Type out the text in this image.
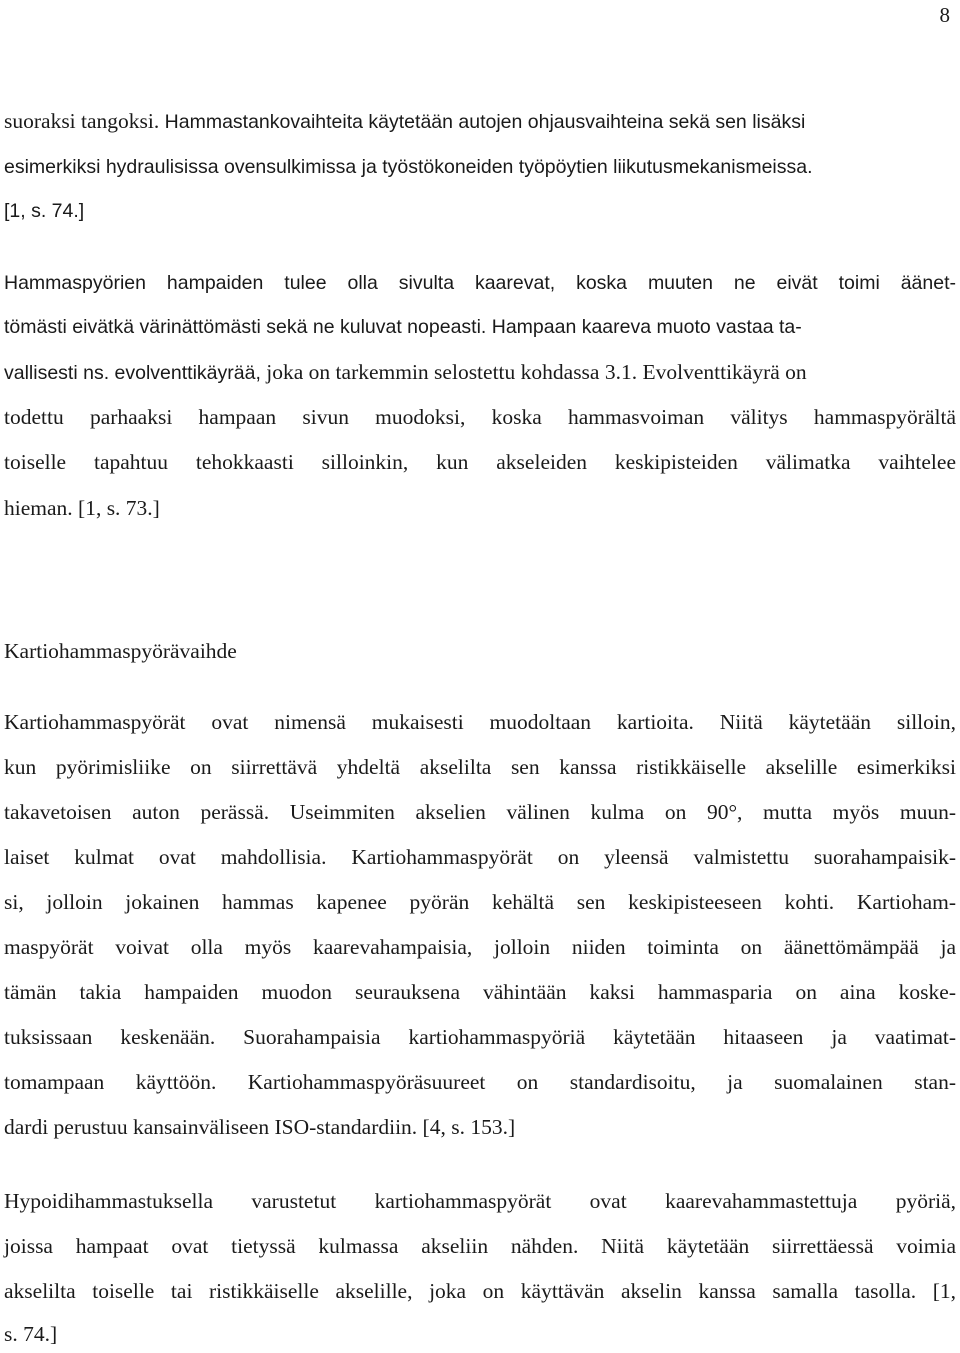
8
suoraksi tangoksi. Hammastankovaihteita käytetään autojen ohjausvaihteina sekä sen lisäksi
esimerkiksi hydraulisissa ovensulkimissa ja työstökoneiden työpöytien liikutusmekanismeissa.
[1, s. 74.]
Hammaspyörien hampaiden tulee olla sivulta kaarevat, koska muuten ne eivät toimi äänet-
tömästi eivätkä värinättömästi sekä ne kuluvat nopeasti. Hampaan kaareva muoto vastaa ta-
vallisesti ns. evolventtikäyrää, joka on tarkemmin selostettu kohdassa 3.1. Evolventtikäyrä on
todettu parhaaksi hampaan sivun muodoksi, koska hammasvoiman välitys hammaspyörältä
toiselle tapahtuu tehokkaasti silloinkin, kun akseleiden keskipisteiden välimatka vaihtelee
hieman. [1, s. 73.]
Kartiohammaspyörävaihde
Kartiohammaspyörät ovat nimensä mukaisesti muodoltaan kartioita. Niitä käytetään silloin,
kun pyörimisliike on siirrettävä yhdeltä akselilta sen kanssa ristikkäiselle akselille esimerkiksi
takavetoisen auton perässä. Useimmiten akselien välinen kulma on 90°, mutta myös muun-
laiset kulmat ovat mahdollisia. Kartiohammaspyörät on yleensä valmistettu suorahampaisik-
si, jolloin jokainen hammas kapenee pyörän kehältä sen keskipisteeseen kohti. Kartioham-
maspyörät voivat olla myös kaarevahampaisia, jolloin niiden toiminta on äänettömämpää ja
tämän takia hampaiden muodon seurauksena vähintään kaksi hammasparia on aina koske-
tuksissaan keskenään. Suorahampaisia kartiohammaspyöriä käytetään hitaaseen ja vaatimat-
tomampaan käyttöön. Kartiohammaspyöräsuureet on standardisoitu, ja suomalainen stan-
dardi perustuu kansainväliseen ISO-standardiin. [4, s. 153.]
Hypoidihammastuksella varustetut kartiohammaspyörät ovat kaarevahammastettuja pyöriä,
joissa hampaat ovat tietyssä kulmassa akseliin nähden. Niitä käytetään siirrettäessä voimia
akselilta toiselle tai ristikkäiselle akselille, joka on käyttävän akselin kanssa samalla tasolla. [1,
s. 74.]
